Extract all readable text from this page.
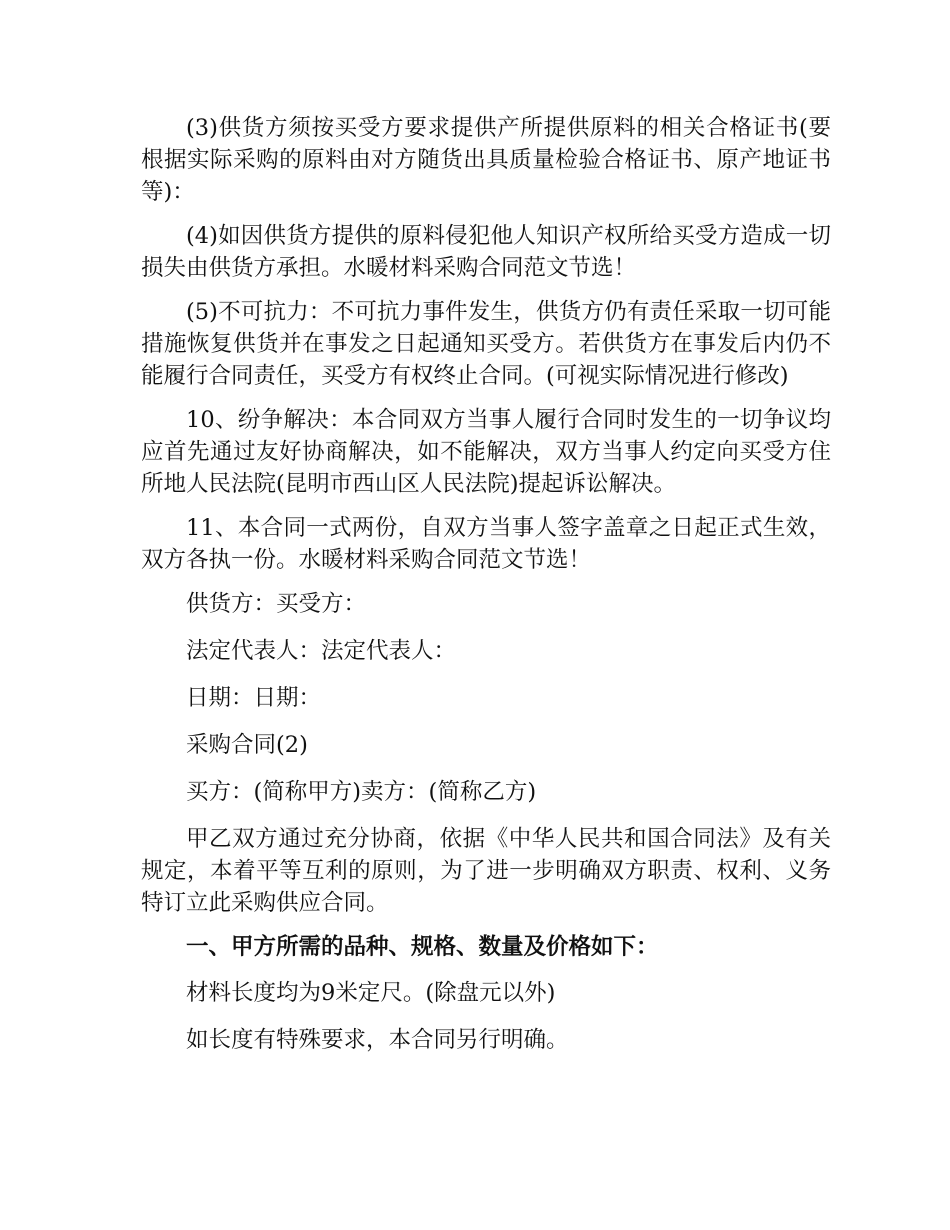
(3)供货方须按买受方要求提供产所提供原料的相关合格证书(要根据实际采购的原料由对方随货出具质量检验合格证书、原产地证书等)：

(4)如因供货方提供的原料侵犯他人知识产权所给买受方造成一切损失由供货方承担。水暖材料采购合同范文节选！

(5)不可抗力：不可抗力事件发生，供货方仍有责任采取一切可能措施恢复供货并在事发之日起通知买受方。若供货方在事发后内仍不能履行合同责任，买受方有权终止合同。(可视实际情况进行修改)

10、纷争解决：本合同双方当事人履行合同时发生的一切争议均应首先通过友好协商解决，如不能解决，双方当事人约定向买受方住所地人民法院(昆明市西山区人民法院)提起诉讼解决。

11、本合同一式两份，自双方当事人签字盖章之日起正式生效，双方各执一份。水暖材料采购合同范文节选！

供货方：买受方：

法定代表人：法定代表人：

日期：日期：

采购合同(2)

买方：(简称甲方)卖方：(简称乙方)

甲乙双方通过充分协商，依据《中华人民共和国合同法》及有关规定，本着平等互利的原则，为了进一步明确双方职责、权利、义务特订立此采购供应合同。

一、甲方所需的品种、规格、数量及价格如下：

材料长度均为9米定尺。(除盘元以外)

如长度有特殊要求，本合同另行明确。
